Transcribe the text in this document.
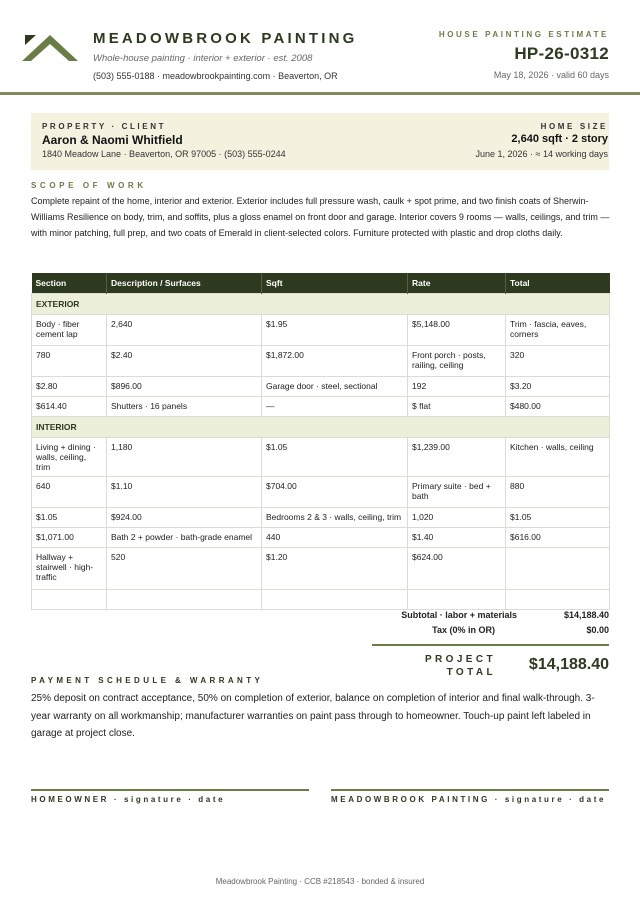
MEADOWBROOK PAINTING
Whole-house painting · interior + exterior · est. 2008
(503) 555-0188 · meadowbrookpainting.com · Beaverton, OR
HOUSE PAINTING ESTIMATE
HP-26-0312
May 18, 2026 · valid 60 days
PROPERTY · CLIENT
Aaron & Naomi Whitfield
1840 Meadow Lane · Beaverton, OR 97005 · (503) 555-0244
HOME SIZE
2,640 sqft · 2 story
June 1, 2026 · ≈ 14 working days
SCOPE OF WORK
Complete repaint of the home, interior and exterior. Exterior includes full pressure wash, caulk + spot prime, and two finish coats of Sherwin-Williams Resilience on body, trim, and soffits, plus a gloss enamel on front door and garage. Interior covers 9 rooms — walls, ceilings, and trim — with minor patching, full prep, and two coats of Emerald in client-selected colors. Furniture protected with plastic and drop cloths daily.
Section	Description / Surfaces	Sqft	Rate	Total
EXTERIOR				
Body · fiber cement lap	2,640	$1.95	$5,148.00	Trim · fascia, eaves, corners
780	$2.40	$1,872.00	Front porch · posts, railing, ceiling	320
$2.80	$896.00	Garage door · steel, sectional	192	$3.20
$614.40	Shutters · 16 panels	—	$ flat	$480.00
INTERIOR				
Living + dining · walls, ceiling, trim	1,180	$1.05	$1,239.00	Kitchen · walls, ceiling
640	$1.10	$704.00	Primary suite · bed + bath	880
$1.05	$924.00	Bedrooms 2 & 3 · walls, ceiling, trim	1,020	$1.05
$1,071.00	Bath 2 + powder · bath-grade enamel	440	$1.40	$616.00
Hallway + stairwell · high-traffic	520	$1.20	$624.00	

Subtotal · labor + materials	$14,188.40
Tax (0% in OR)	$0.00
PROJECT TOTAL $14,188.40
PAYMENT SCHEDULE & WARRANTY
25% deposit on contract acceptance, 50% on completion of exterior, balance on completion of interior and final walk-through. 3-year warranty on all workmanship; manufacturer warranties on paint pass through to homeowner. Touch-up paint left labeled in garage at project close.
HOMEOWNER · signature · date	MEADOWBROOK PAINTING · signature · date
Meadowbrook Painting · CCB #218543 · bonded & insured
